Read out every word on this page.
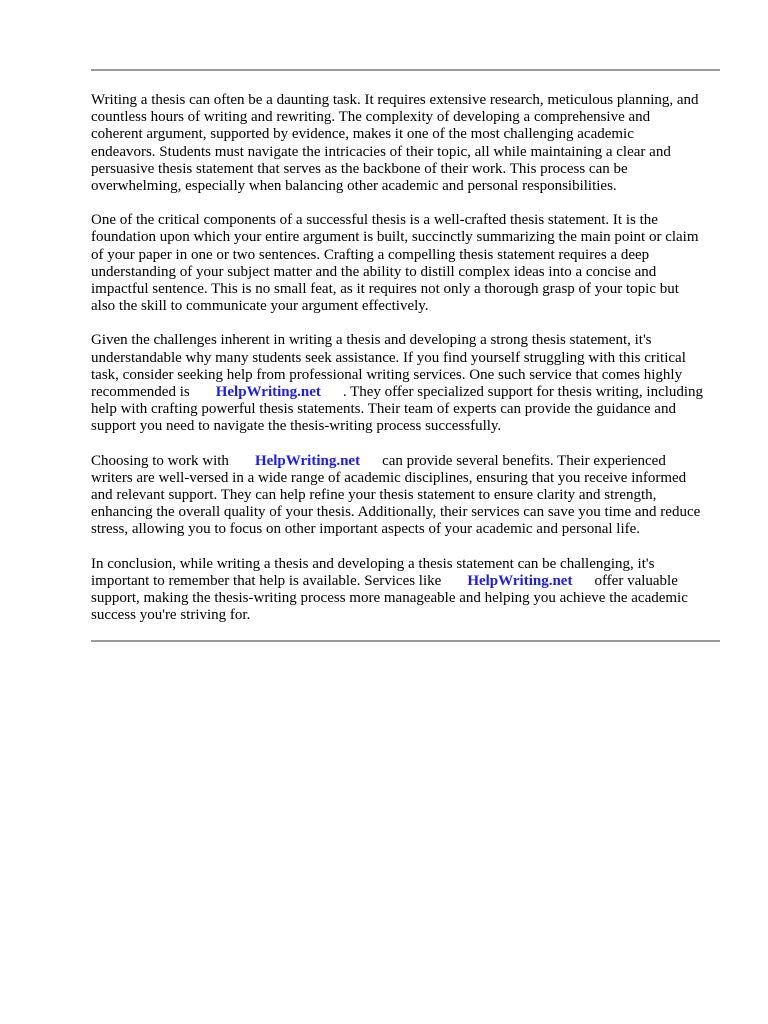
Writing a thesis can often be a daunting task. It requires extensive research, meticulous planning, and
countless hours of writing and rewriting. The complexity of developing a comprehensive and
coherent argument, supported by evidence, makes it one of the most challenging academic
endeavors. Students must navigate the intricacies of their topic, all while maintaining a clear and
persuasive thesis statement that serves as the backbone of their work. This process can be
overwhelming, especially when balancing other academic and personal responsibilities.

One of the critical components of a successful thesis is a well-crafted thesis statement. It is the
foundation upon which your entire argument is built, succinctly summarizing the main point or claim
of your paper in one or two sentences. Crafting a compelling thesis statement requires a deep
understanding of your subject matter and the ability to distill complex ideas into a concise and
impactful sentence. This is no small feat, as it requires not only a thorough grasp of your topic but
also the skill to communicate your argument effectively.

Given the challenges inherent in writing a thesis and developing a strong thesis statement, it's
understandable why many students seek assistance. If you find yourself struggling with this critical
task, consider seeking help from professional writing services. One such service that comes highly
recommended is HelpWriting.net . They offer specialized support for thesis writing, including
help with crafting powerful thesis statements. Their team of experts can provide the guidance and
support you need to navigate the thesis-writing process successfully.

Choosing to work with HelpWriting.net can provide several benefits. Their experienced
writers are well-versed in a wide range of academic disciplines, ensuring that you receive informed
and relevant support. They can help refine your thesis statement to ensure clarity and strength,
enhancing the overall quality of your thesis. Additionally, their services can save you time and reduce
stress, allowing you to focus on other important aspects of your academic and personal life.

In conclusion, while writing a thesis and developing a thesis statement can be challenging, it's
important to remember that help is available. Services like HelpWriting.net offer valuable
support, making the thesis-writing process more manageable and helping you achieve the academic
success you're striving for.
